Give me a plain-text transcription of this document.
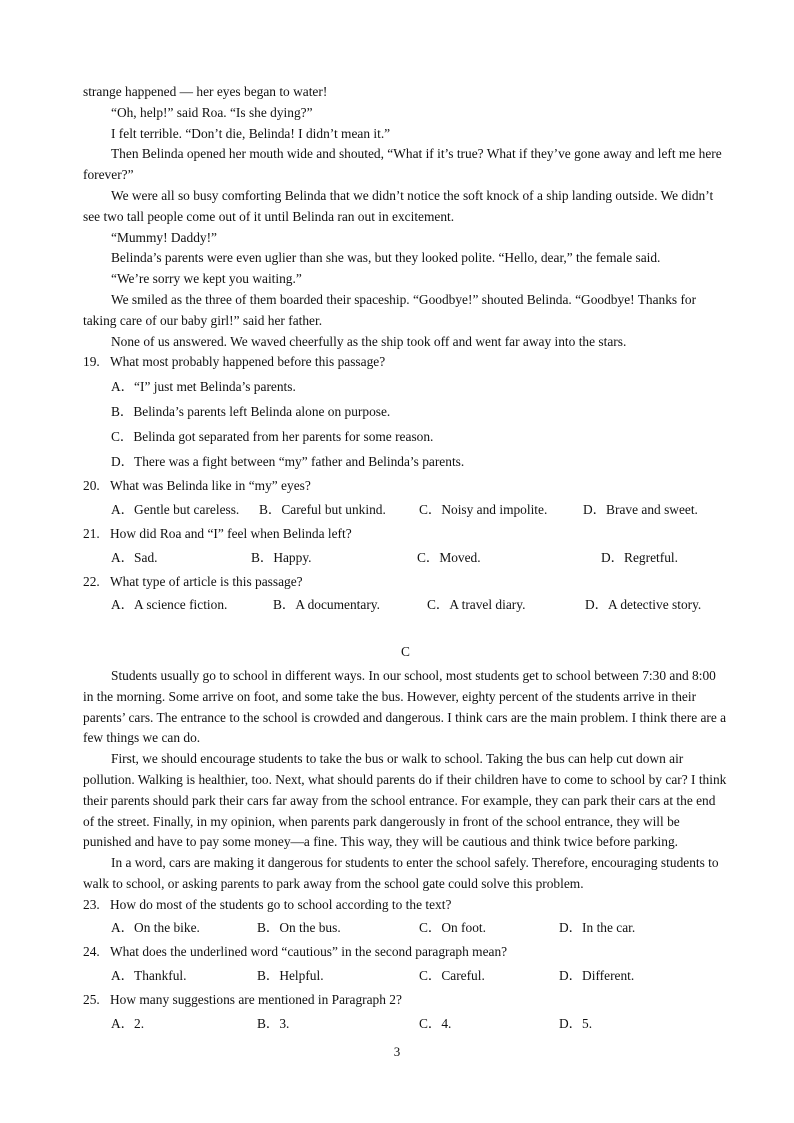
strange happened — her eyes began to water!

“Oh, help!” said Roa. “Is she dying?”

I felt terrible. “Don’t die, Belinda! I didn’t mean it.”

Then Belinda opened her mouth wide and shouted, “What if it’s true? What if they’ve gone away and left me here forever?”

We were all so busy comforting Belinda that we didn’t notice the soft knock of a ship landing outside. We didn’t see two tall people come out of it until Belinda ran out in excitement.

“Mummy! Daddy!”

Belinda’s parents were even uglier than she was, but they looked polite. “Hello, dear,” the female said.

“We’re sorry we kept you waiting.”

We smiled as the three of them boarded their spaceship. “Goodbye!” shouted Belinda. “Goodbye! Thanks for taking care of our baby girl!” said her father.

None of us answered. We waved cheerfully as the ship took off and went far away into the stars.

19. What most probably happened before this passage?
A．“I” just met Belinda’s parents.
B．Belinda’s parents left Belinda alone on purpose.
C．Belinda got separated from her parents for some reason.
D．There was a fight between “my” father and Belinda’s parents.
20. What was Belinda like in “my” eyes?
A．Gentle but careless.	B．Careful but unkind.	C．Noisy and impolite.	D．Brave and sweet.
21. How did Roa and “I” feel when Belinda left?
A．Sad.	B．Happy.	C．Moved.	D．Regretful.
22. What type of article is this passage?
A．A science fiction.	B．A documentary.	C．A travel diary.	D．A detective story.
C

Students usually go to school in different ways. In our school, most students get to school between 7:30 and 8:00 in the morning. Some arrive on foot, and some take the bus. However, eighty percent of the students arrive in their parents’ cars. The entrance to the school is crowded and dangerous. I think cars are the main problem. I think there are a few things we can do.

First, we should encourage students to take the bus or walk to school. Taking the bus can help cut down air pollution. Walking is healthier, too. Next, what should parents do if their children have to come to school by car? I think their parents should park their cars far away from the school entrance. For example, they can park their cars at the end of the street. Finally, in my opinion, when parents park dangerously in front of the school entrance, they will be punished and have to pay some money—a fine. This way, they will be cautious and think twice before parking.

In a word, cars are making it dangerous for students to enter the school safely. Therefore, encouraging students to walk to school, or asking parents to park away from the school gate could solve this problem.

23. How do most of the students go to school according to the text?
A．On the bike.	B．On the bus.	C．On foot.	D．In the car.
24. What does the underlined word “cautious” in the second paragraph mean?
A．Thankful.	B．Helpful.	C．Careful.	D．Different.
25. How many suggestions are mentioned in Paragraph 2?
A．2.	B．3.	C．4.	D．5.
3
